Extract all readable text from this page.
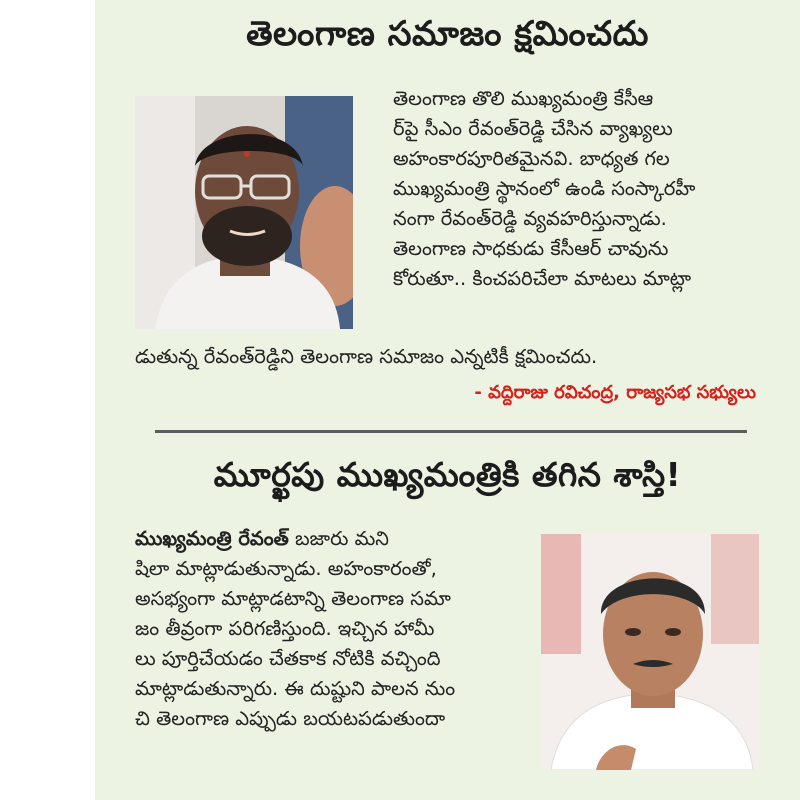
తెలంగాణ సమాజం క్షమించదు
తెలంగాణ తొలి ముఖ్యమంత్రి కేసీఆ
ర్‌పై సీఎం రేవంత్‌రెడ్డి చేసిన వ్యాఖ్యలు
అహంకారపూరితమైనవి. బాధ్యత గల
ముఖ్యమంత్రి స్థానంలో ఉండి సంస్కారహీ
నంగా రేవంత్‌రెడ్డి వ్యవహరిస్తున్నాడు.
తెలంగాణ సాధకుడు కేసీఆర్ చావును
కోరుతూ.. కించపరిచేలా మాటలు మాట్లా
డుతున్న రేవంత్‌రెడ్డిని తెలంగాణ సమాజం ఎన్నటికీ క్షమించదు.

- వద్దిరాజు రవిచంద్ర, రాజ్యసభ సభ్యులు

మూర్ఖపు ముఖ్యమంత్రికి తగిన శాస్తి!
ముఖ్యమంత్రి రేవంత్ బజారు మని
షిలా మాట్లాడుతున్నాడు. అహంకారంతో,
అసభ్యంగా మాట్లాడటాన్ని తెలంగాణ సమా
జం తీవ్రంగా పరిగణిస్తుంది. ఇచ్చిన హామీ
లు పూర్తిచేయడం చేతకాక నోటికి వచ్చింది
మాట్లాడుతున్నారు. ఈ దుష్టుని పాలన నుం
చి తెలంగాణ ఎప్పుడు బయటపడుతుందా
